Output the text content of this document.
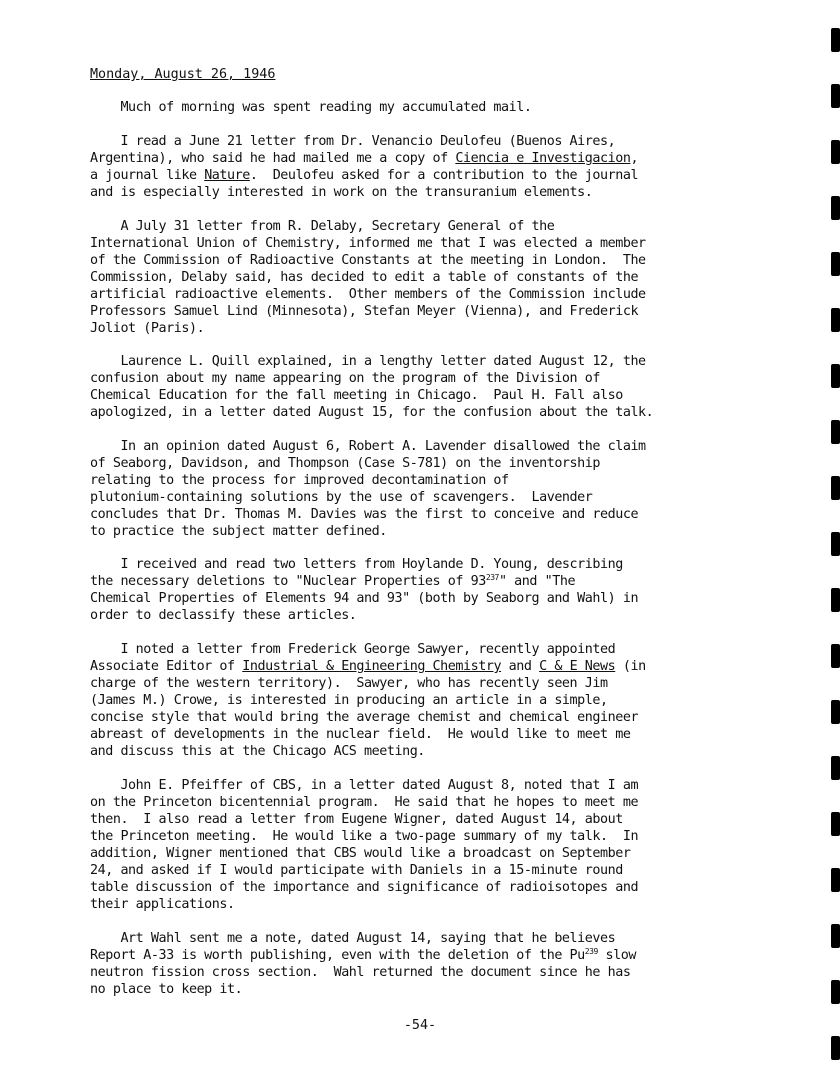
Monday, August 26, 1946
Much of morning was spent reading my accumulated mail.
I read a June 21 letter from Dr. Venancio Deulofeu (Buenos Aires,
Argentina), who said he had mailed me a copy of Ciencia e Investigacion,
a journal like Nature.  Deulofeu asked for a contribution to the journal
and is especially interested in work on the transuranium elements.
A July 31 letter from R. Delaby, Secretary General of the
International Union of Chemistry, informed me that I was elected a member
of the Commission of Radioactive Constants at the meeting in London.  The
Commission, Delaby said, has decided to edit a table of constants of the
artificial radioactive elements.  Other members of the Commission include
Professors Samuel Lind (Minnesota), Stefan Meyer (Vienna), and Frederick
Joliot (Paris).
Laurence L. Quill explained, in a lengthy letter dated August 12, the
confusion about my name appearing on the program of the Division of
Chemical Education for the fall meeting in Chicago.  Paul H. Fall also
apologized, in a letter dated August 15, for the confusion about the talk.
In an opinion dated August 6, Robert A. Lavender disallowed the claim
of Seaborg, Davidson, and Thompson (Case S-781) on the inventorship
relating to the process for improved decontamination of
plutonium-containing solutions by the use of scavengers.  Lavender
concludes that Dr. Thomas M. Davies was the first to conceive and reduce
to practice the subject matter defined.
I received and read two letters from Hoylande D. Young, describing
the necessary deletions to "Nuclear Properties of $93^{237}$" and "The
Chemical Properties of Elements 94 and 93" (both by Seaborg and Wahl) in
order to declassify these articles.
I noted a letter from Frederick George Sawyer, recently appointed
Associate Editor of Industrial & Engineering Chemistry and C & E News (in
charge of the western territory).  Sawyer, who has recently seen Jim
(James M.) Crowe, is interested in producing an article in a simple,
concise style that would bring the average chemist and chemical engineer
abreast of developments in the nuclear field.  He would like to meet me
and discuss this at the Chicago ACS meeting.
John E. Pfeiffer of CBS, in a letter dated August 8, noted that I am
on the Princeton bicentennial program.  He said that he hopes to meet me
then.  I also read a letter from Eugene Wigner, dated August 14, about
the Princeton meeting.  He would like a two-page summary of my talk.  In
addition, Wigner mentioned that CBS would like a broadcast on September
24, and asked if I would participate with Daniels in a 15-minute round
table discussion of the importance and significance of radioisotopes and
their applications.
Art Wahl sent me a note, dated August 14, saying that he believes
Report A-33 is worth publishing, even with the deletion of the Pu$^{239}$ slow
neutron fission cross section.  Wahl returned the document since he has
no place to keep it.
-54-
